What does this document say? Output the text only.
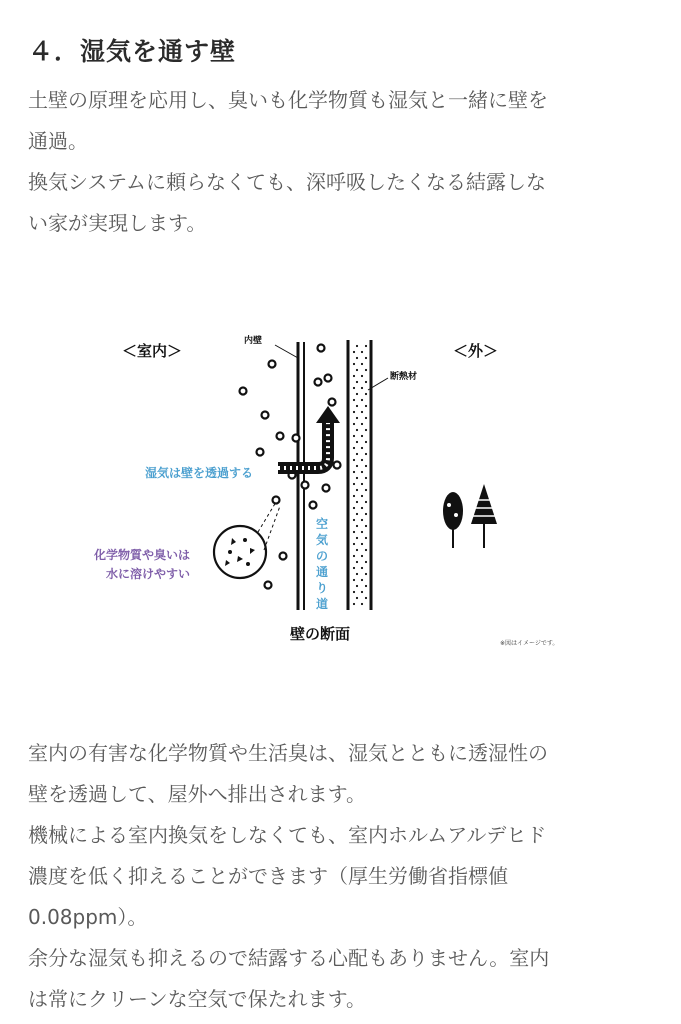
４．湿気を通す壁

土壁の原理を応用し、臭いも化学物質も湿気と一緒に壁を

通過。

換気システムに頼らなくても、深呼吸したくなる結露しな

い家が実現します。

＜室内＞	＜外＞
内壁
断熱材
湿気は壁を透過する
化学物質や臭いは
水に溶けやすい
空気の通り道
壁の断面
※図はイメージです。

室内の有害な化学物質や生活臭は、湿気とともに透湿性の

壁を透過して、屋外へ排出されます。

機械による室内換気をしなくても、室内ホルムアルデヒド

濃度を低く抑えることができます（厚生労働省指標値

0.08ppm）。

余分な湿気も抑えるので結露する心配もありません。室内

は常にクリーンな空気で保たれます。
